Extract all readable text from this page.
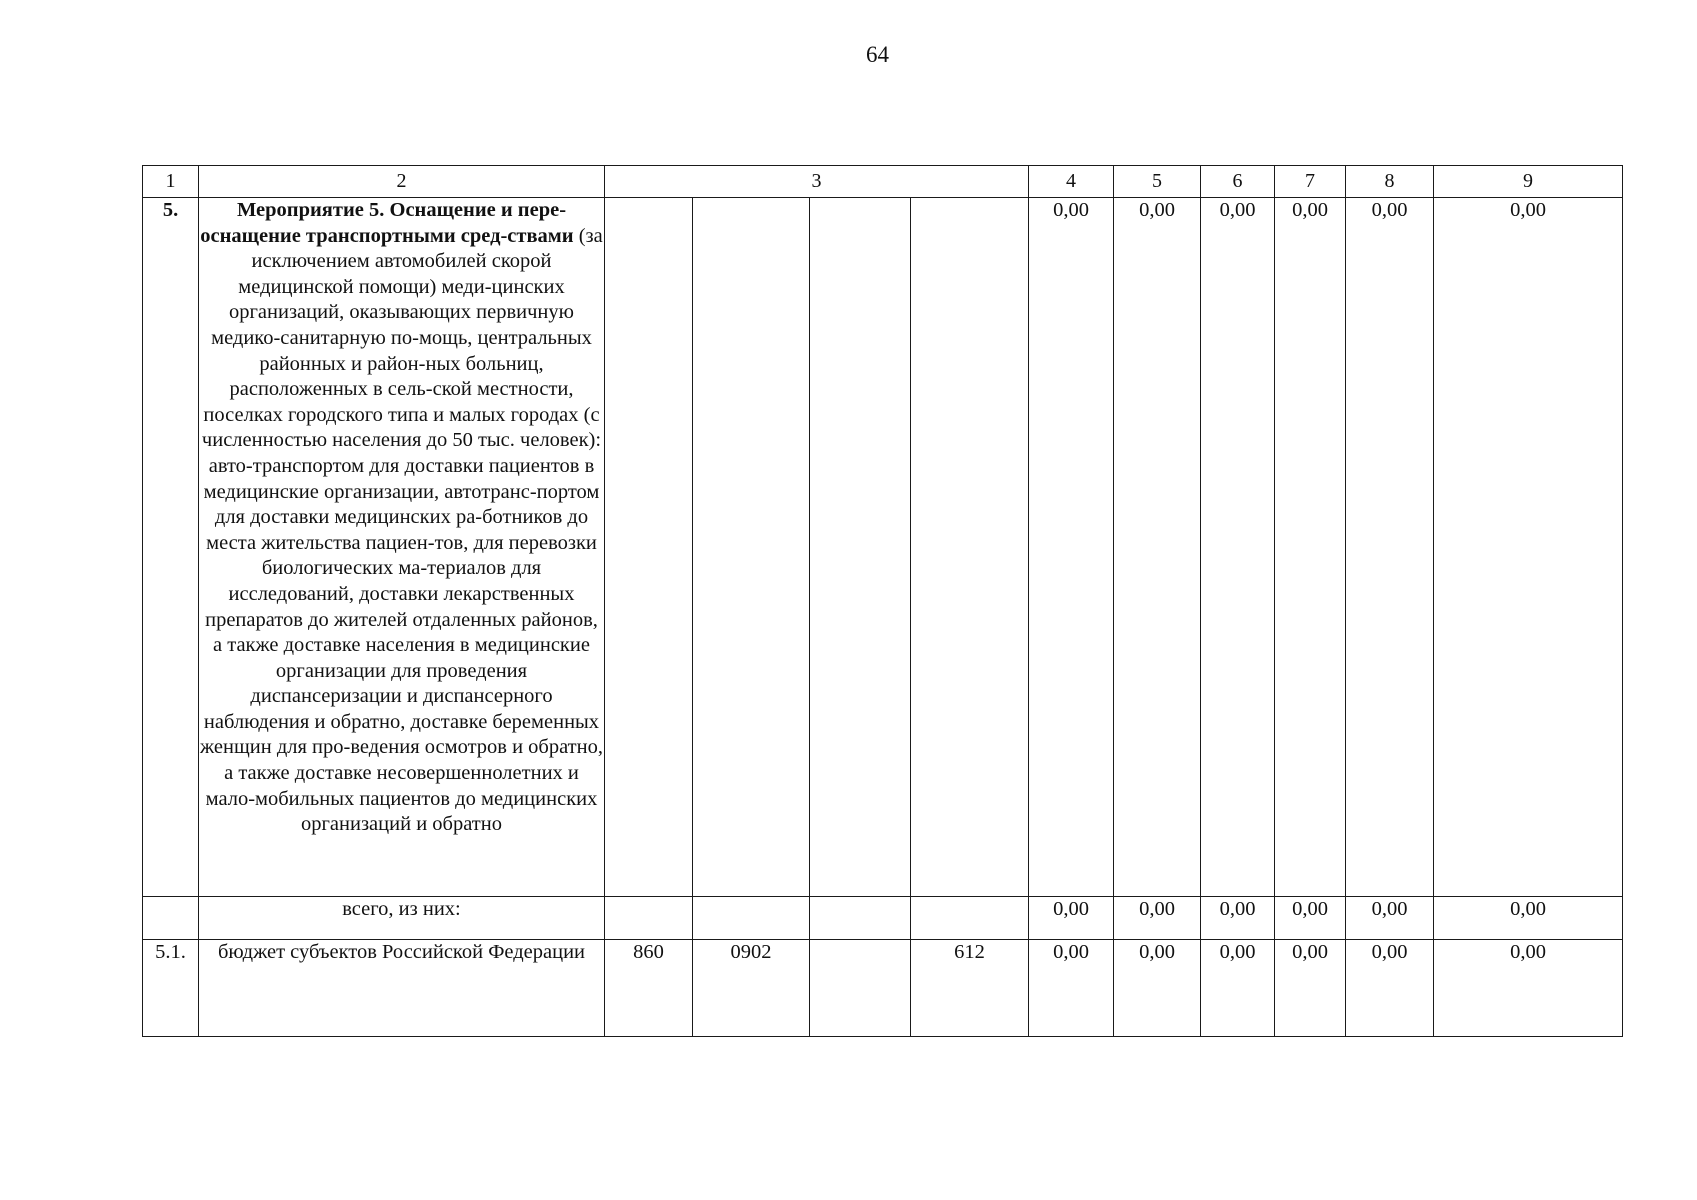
64
1	2	3				4	5	6	7	8	9
5.	Мероприятие 5. Оснащение и пере-оснащение транспортными сред-ствами (за исключением автомобилей скорой медицинской помощи) меди-цинских организаций, оказывающих первичную медико-санитарную по-мощь, центральных районных и район-ных больниц, расположенных в сель-ской местности, поселках городского типа и малых городах (с численностью населения до 50 тыс. человек): авто-транспортом для доставки пациентов в медицинские организации, автотранс-портом для доставки медицинских ра-ботников до места жительства пациен-тов, для перевозки биологических ма-териалов для исследований, доставки лекарственных препаратов до жителей отдаленных районов, а также доставке населения в медицинские организации для проведения диспансеризации и диспансерного наблюдения и обратно, доставке беременных женщин для про-ведения осмотров и обратно, а также доставке несовершеннолетних и мало-мобильных пациентов до медицинских организаций и обратно					0,00	0,00	0,00	0,00	0,00	0,00
	всего, из них:					0,00	0,00	0,00	0,00	0,00	0,00
5.1.	бюджет субъектов Российской Федерации	860	0902		612	0,00	0,00	0,00	0,00	0,00	0,00
